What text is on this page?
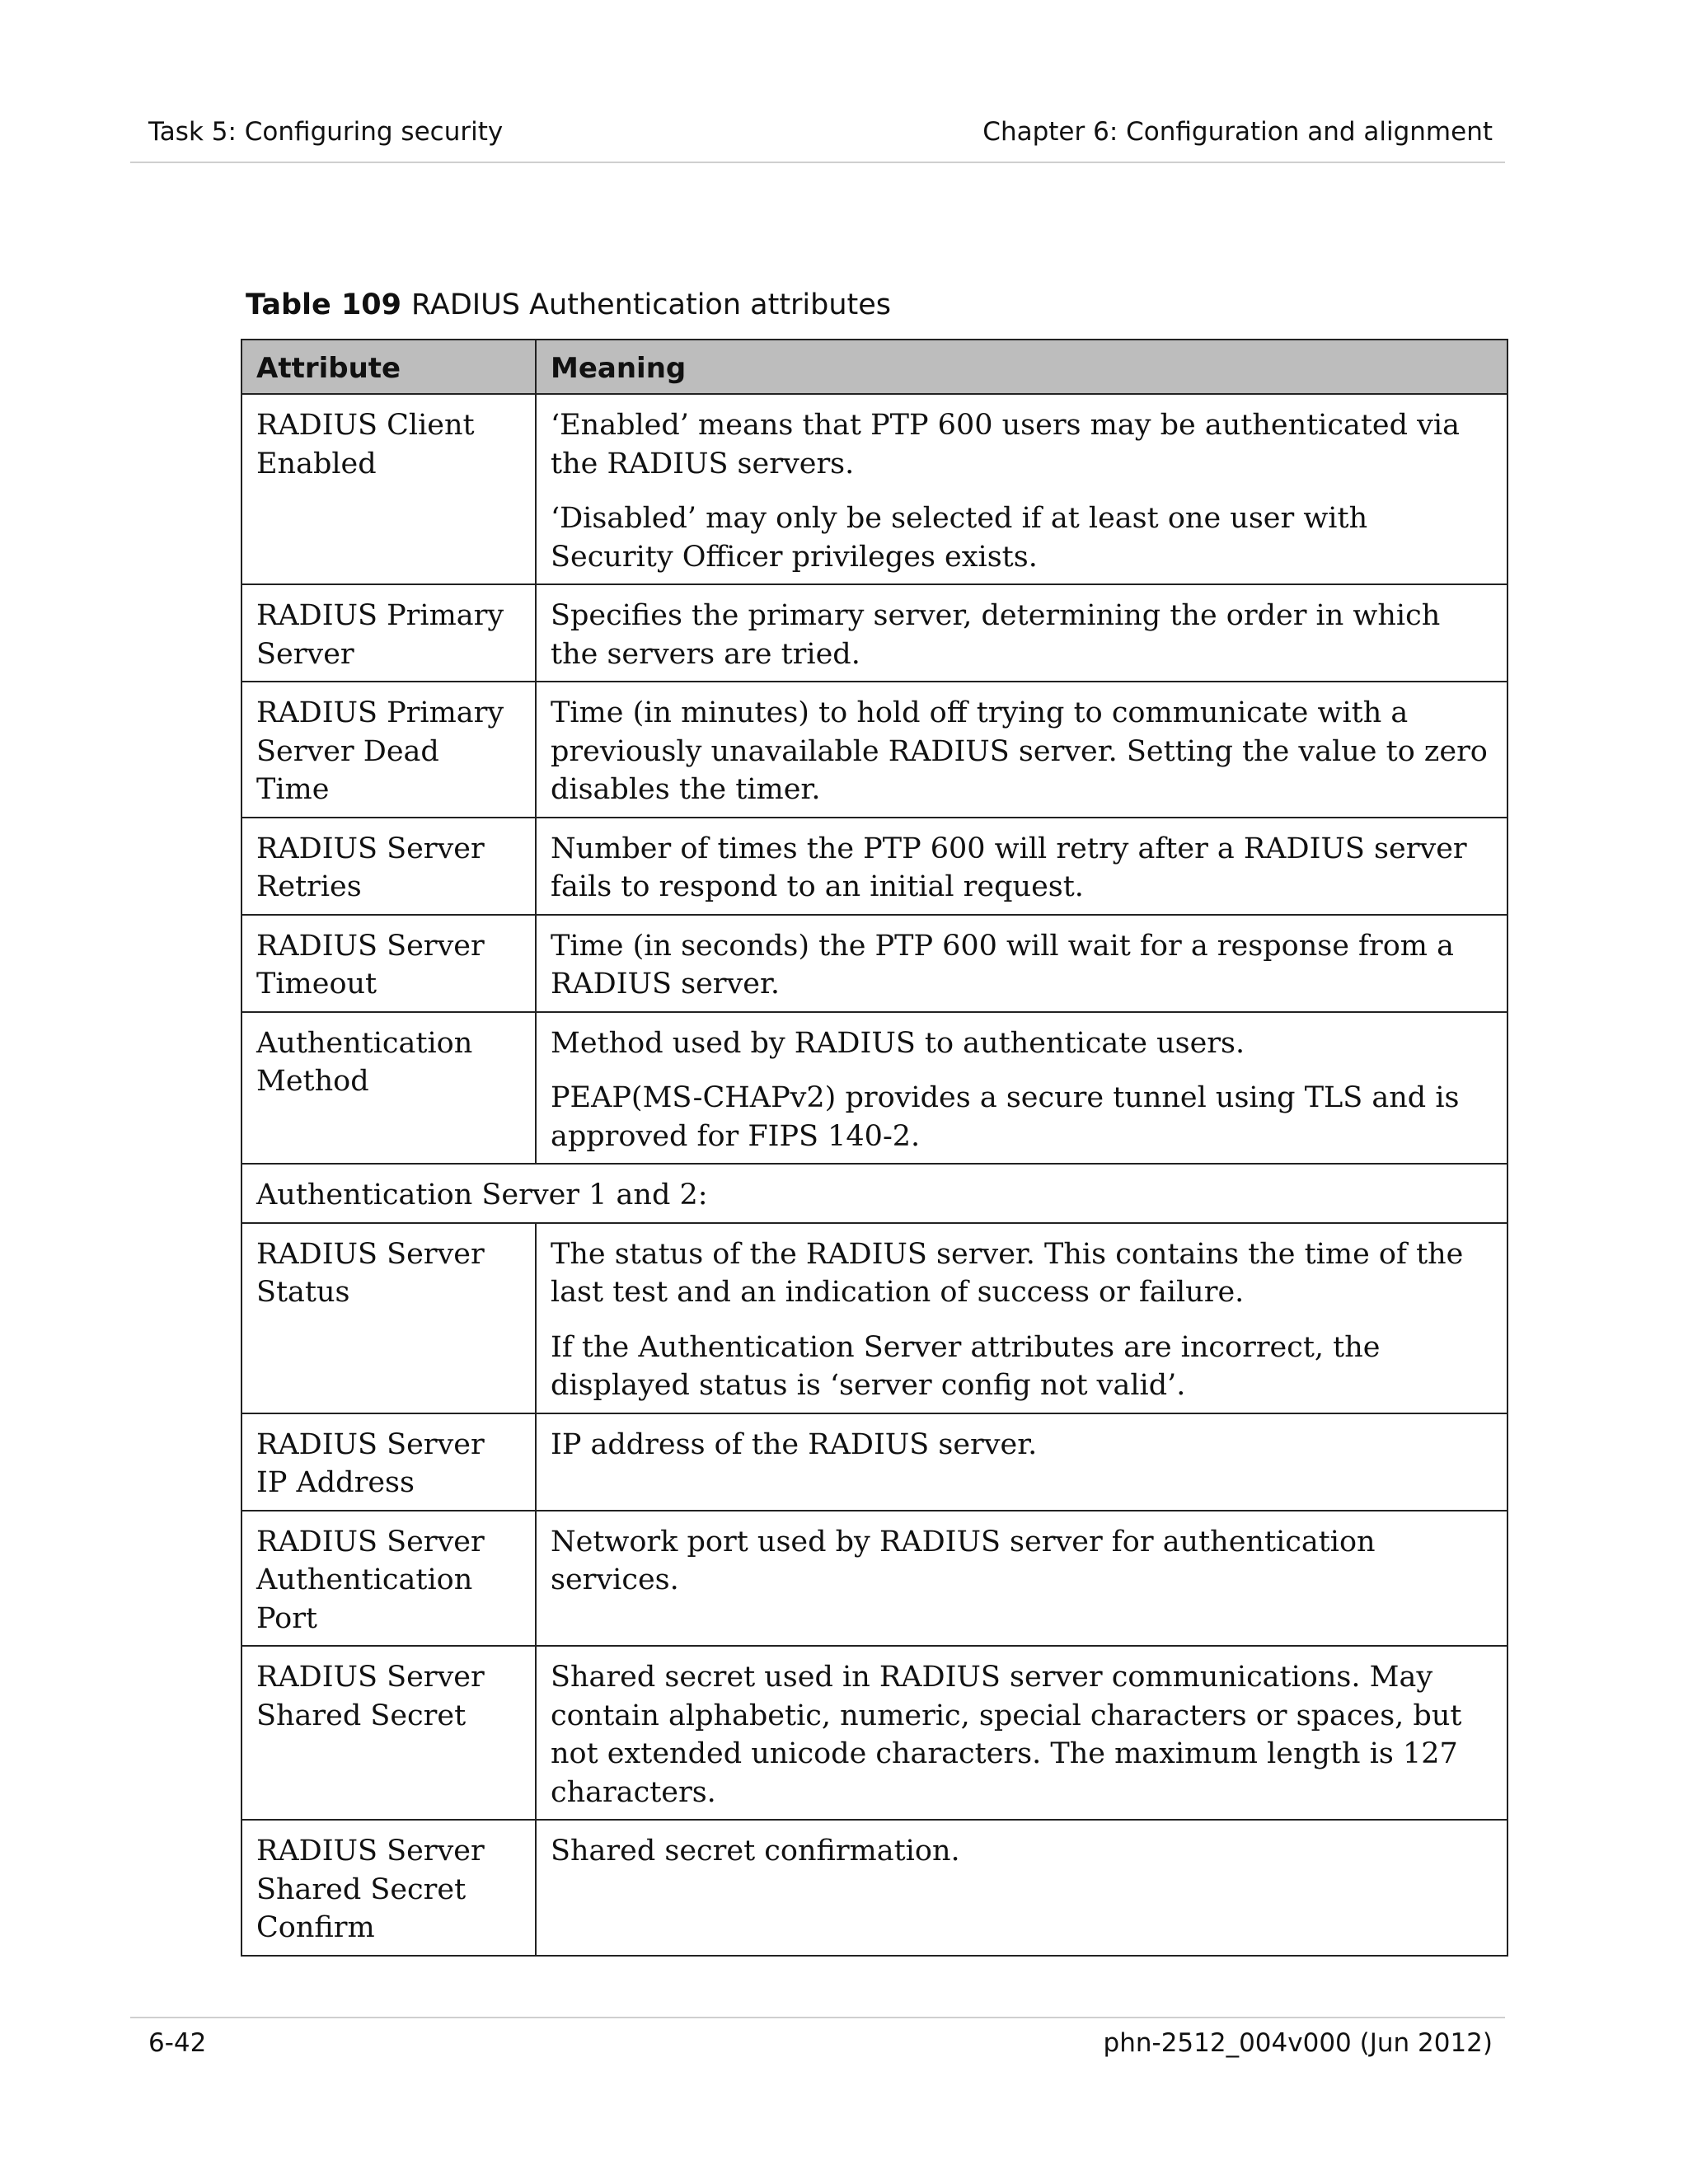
Task 5: Configuring security	Chapter 6: Configuration and alignment
Table 109 RADIUS Authentication attributes
Attribute	Meaning
RADIUS Client Enabled	‘Enabled’ means that PTP 600 users may be authenticated via the RADIUS servers.

‘Disabled’ may only be selected if at least one user with Security Officer privileges exists.

RADIUS Primary Server	Specifies the primary server, determining the order in which the servers are tried.

RADIUS Primary Server Dead Time	Time (in minutes) to hold off trying to communicate with a previously unavailable RADIUS server. Setting the value to zero disables the timer.

RADIUS Server Retries	Number of times the PTP 600 will retry after a RADIUS server fails to respond to an initial request.

RADIUS Server Timeout	Time (in seconds) the PTP 600 will wait for a response from a RADIUS server.

Authentication Method	Method used by RADIUS to authenticate users.

PEAP(MS-CHAPv2) provides a secure tunnel using TLS and is approved for FIPS 140-2.

Authentication Server 1 and 2:	
RADIUS Server Status	The status of the RADIUS server. This contains the time of the last test and an indication of success or failure.

If the Authentication Server attributes are incorrect, the displayed status is ‘server config not valid’.

RADIUS Server IP Address	IP address of the RADIUS server.

RADIUS Server Authentication Port	Network port used by RADIUS server for authentication services.

RADIUS Server Shared Secret	Shared secret used in RADIUS server communications. May contain alphabetic, numeric, special characters or spaces, but not extended unicode characters. The maximum length is 127 characters.

RADIUS Server Shared Secret Confirm	Shared secret confirmation.

6-42	phn-2512_004v000 (Jun 2012)
